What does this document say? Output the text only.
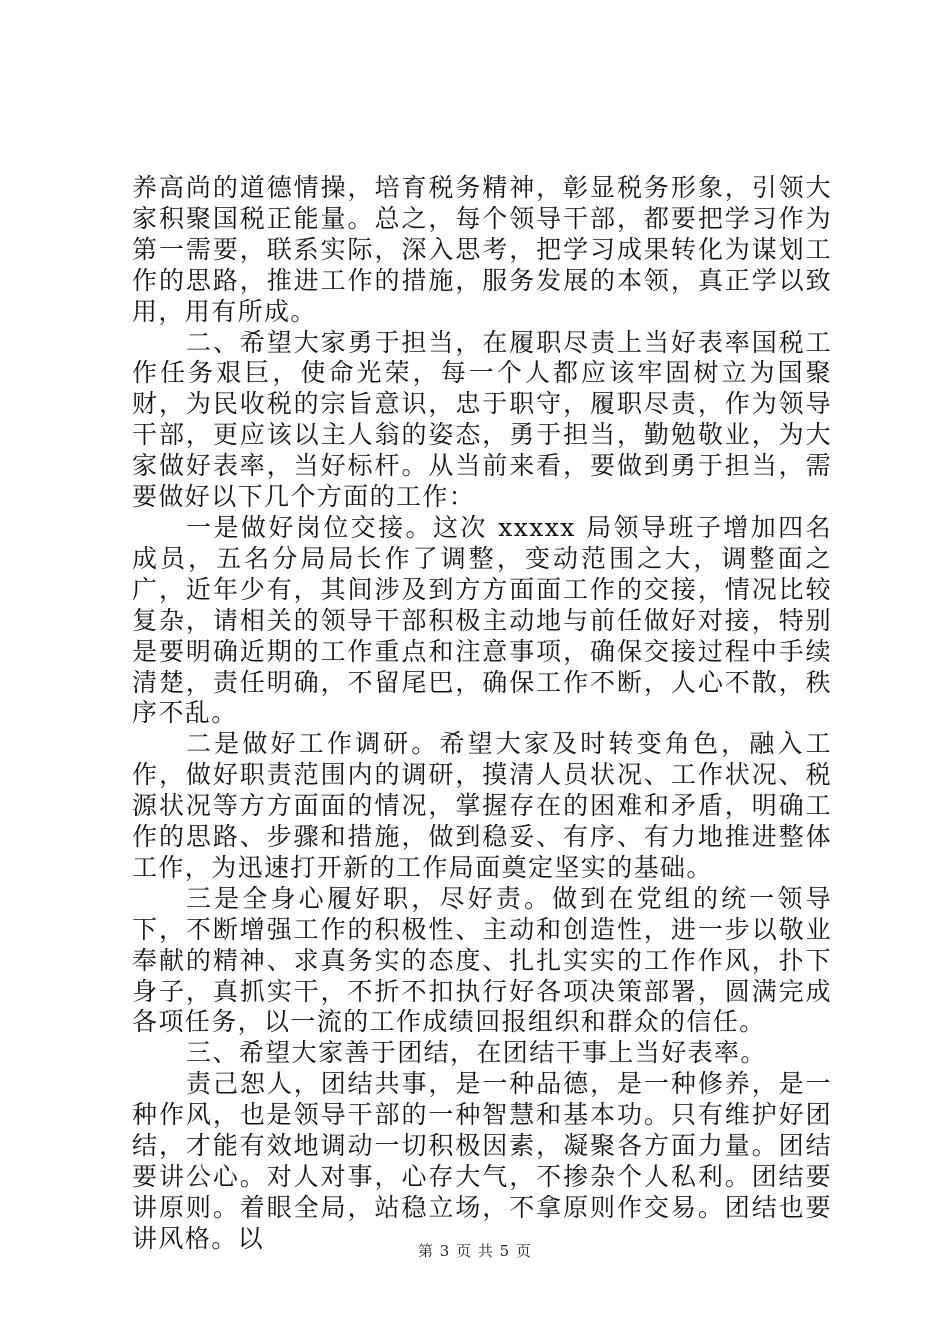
养高尚的道德情操，培育税务精神，彰显税务形象，引领大家积聚国税正能量。总之，每个领导干部，都要把学习作为第一需要，联系实际，深入思考，把学习成果转化为谋划工作的思路，推进工作的措施，服务发展的本领，真正学以致用，用有所成。

二、希望大家勇于担当，在履职尽责上当好表率国税工作任务艰巨，使命光荣，每一个人都应该牢固树立为国聚财，为民收税的宗旨意识，忠于职守，履职尽责，作为领导干部，更应该以主人翁的姿态，勇于担当，勤勉敬业，为大家做好表率，当好标杆。从当前来看，要做到勇于担当，需要做好以下几个方面的工作：

一是做好岗位交接。这次 xxxxx 局领导班子增加四名成员，五名分局局长作了调整，变动范围之大，调整面之广，近年少有，其间涉及到方方面面工作的交接，情况比较复杂，请相关的领导干部积极主动地与前任做好对接，特别是要明确近期的工作重点和注意事项，确保交接过程中手续清楚，责任明确，不留尾巴，确保工作不断，人心不散，秩序不乱。

二是做好工作调研。希望大家及时转变角色，融入工作，做好职责范围内的调研，摸清人员状况、工作状况、税源状况等方方面面的情况，掌握存在的困难和矛盾，明确工作的思路、步骤和措施，做到稳妥、有序、有力地推进整体工作，为迅速打开新的工作局面奠定坚实的基础。

三是全身心履好职，尽好责。做到在党组的统一领导下，不断增强工作的积极性、主动和创造性，进一步以敬业奉献的精神、求真务实的态度、扎扎实实的工作作风，扑下身子，真抓实干，不折不扣执行好各项决策部署，圆满完成各项任务，以一流的工作成绩回报组织和群众的信任。

三、希望大家善于团结，在团结干事上当好表率。

责己恕人，团结共事，是一种品德，是一种修养，是一种作风，也是领导干部的一种智慧和基本功。只有维护好团结，才能有效地调动一切积极因素，凝聚各方面力量。团结要讲公心。对人对事，心存大气，不掺杂个人私利。团结要讲原则。着眼全局，站稳立场，不拿原则作交易。团结也要讲风格。以	第 3 页 共 5 页
